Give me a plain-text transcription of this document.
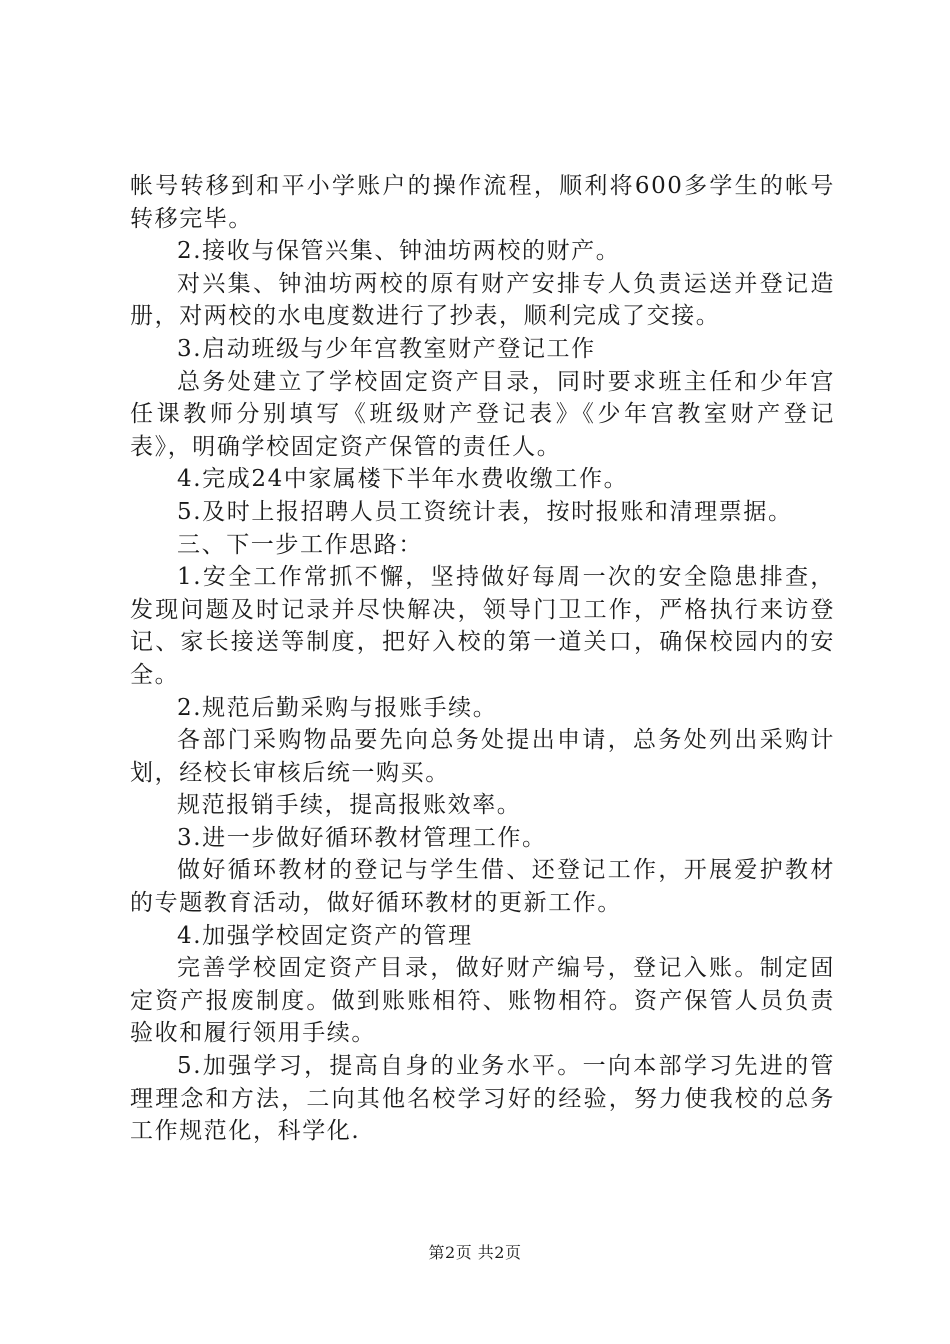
帐号转移到和平小学账户的操作流程，顺利将600多学生的帐号转移完毕。

2.接收与保管兴集、钟油坊两校的财产。

对兴集、钟油坊两校的原有财产安排专人负责运送并登记造册，对两校的水电度数进行了抄表，顺利完成了交接。

3.启动班级与少年宫教室财产登记工作

总务处建立了学校固定资产目录，同时要求班主任和少年宫任课教师分别填写《班级财产登记表》《少年宫教室财产登记表》，明确学校固定资产保管的责任人。

4.完成24中家属楼下半年水费收缴工作。

5.及时上报招聘人员工资统计表，按时报账和清理票据。

三、下一步工作思路：

1.安全工作常抓不懈，坚持做好每周一次的安全隐患排查，发现问题及时记录并尽快解决，领导门卫工作，严格执行来访登记、家长接送等制度，把好入校的第一道关口，确保校园内的安全。

2.规范后勤采购与报账手续。

各部门采购物品要先向总务处提出申请，总务处列出采购计划，经校长审核后统一购买。

规范报销手续，提高报账效率。

3.进一步做好循环教材管理工作。

做好循环教材的登记与学生借、还登记工作，开展爱护教材的专题教育活动，做好循环教材的更新工作。

4.加强学校固定资产的管理

完善学校固定资产目录，做好财产编号，登记入账。制定固定资产报废制度。做到账账相符、账物相符。资产保管人员负责验收和履行领用手续。

5.加强学习，提高自身的业务水平。一向本部学习先进的管理理念和方法，二向其他名校学习好的经验，努力使我校的总务工作规范化，科学化.

第2页 共2页
